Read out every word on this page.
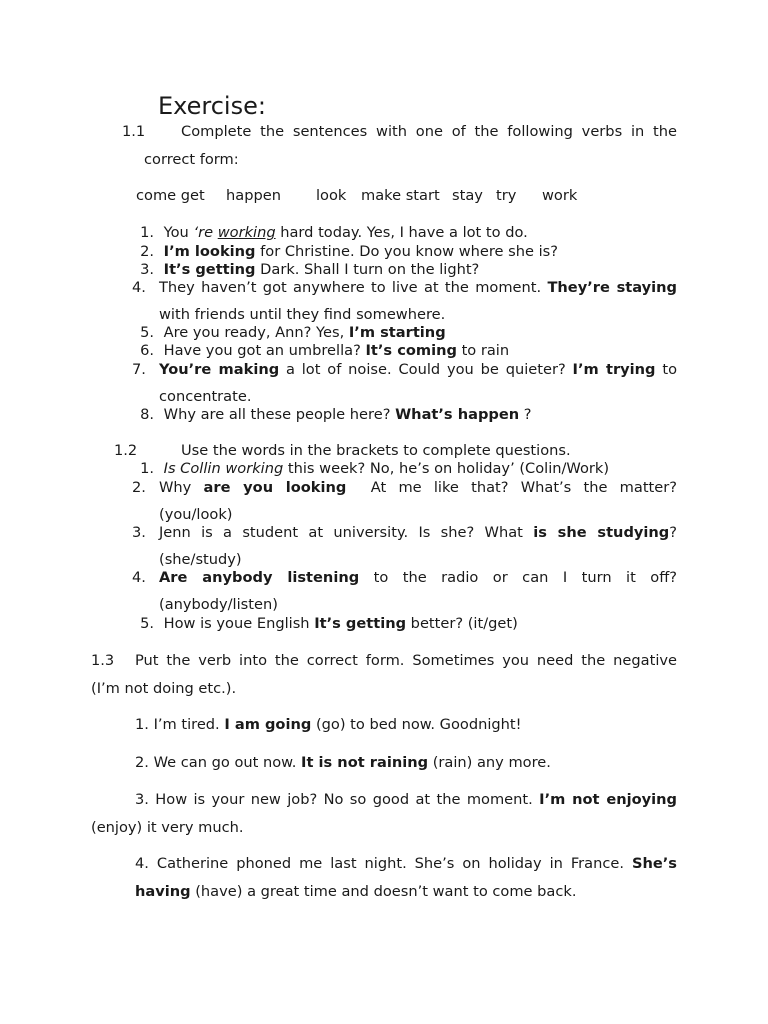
Exercise:
1.1 Complete the sentences with one of the following verbs in the
correct form:
come get happen look make start stay try work
1. You ‘re working hard today. Yes, I have a lot to do.
2. I’m looking for Christine. Do you know where she is?
3. It’s getting Dark. Shall I turn on the light?
4. They haven’t got anywhere to live at the moment. They’re staying
with friends until they find somewhere.
5. Are you ready, Ann? Yes, I’m starting
6. Have you got an umbrella? It’s coming to rain
7. You’re making a lot of noise. Could you be quieter? I’m trying to
concentrate.
8. Why are all these people here? What’s happen ?
1.2	Use the words in the brackets to complete questions.
1. Is Collin working this week? No, he’s on holiday’ (Colin/Work)
2. Why are you looking  At me like that? What’s the matter?
(you/look)
3. Jenn is a student at university. Is she? What is she studying?
(she/study)
4. Are anybody listening to the radio or can I turn it off?
(anybody/listen)
5. How is youe English It’s getting better? (it/get)
1.3 Put the verb into the correct form. Sometimes you need the negative
(I’m not doing etc.).
1. I’m tired. I am going (go) to bed now. Goodnight!
2. We can go out now. It is not raining (rain) any more.
3. How is your new job? No so good at the moment. I’m not enjoying
(enjoy) it very much.
4. Catherine phoned me last night. She’s on holiday in France. She’s
having (have) a great time and doesn’t want to come back.
